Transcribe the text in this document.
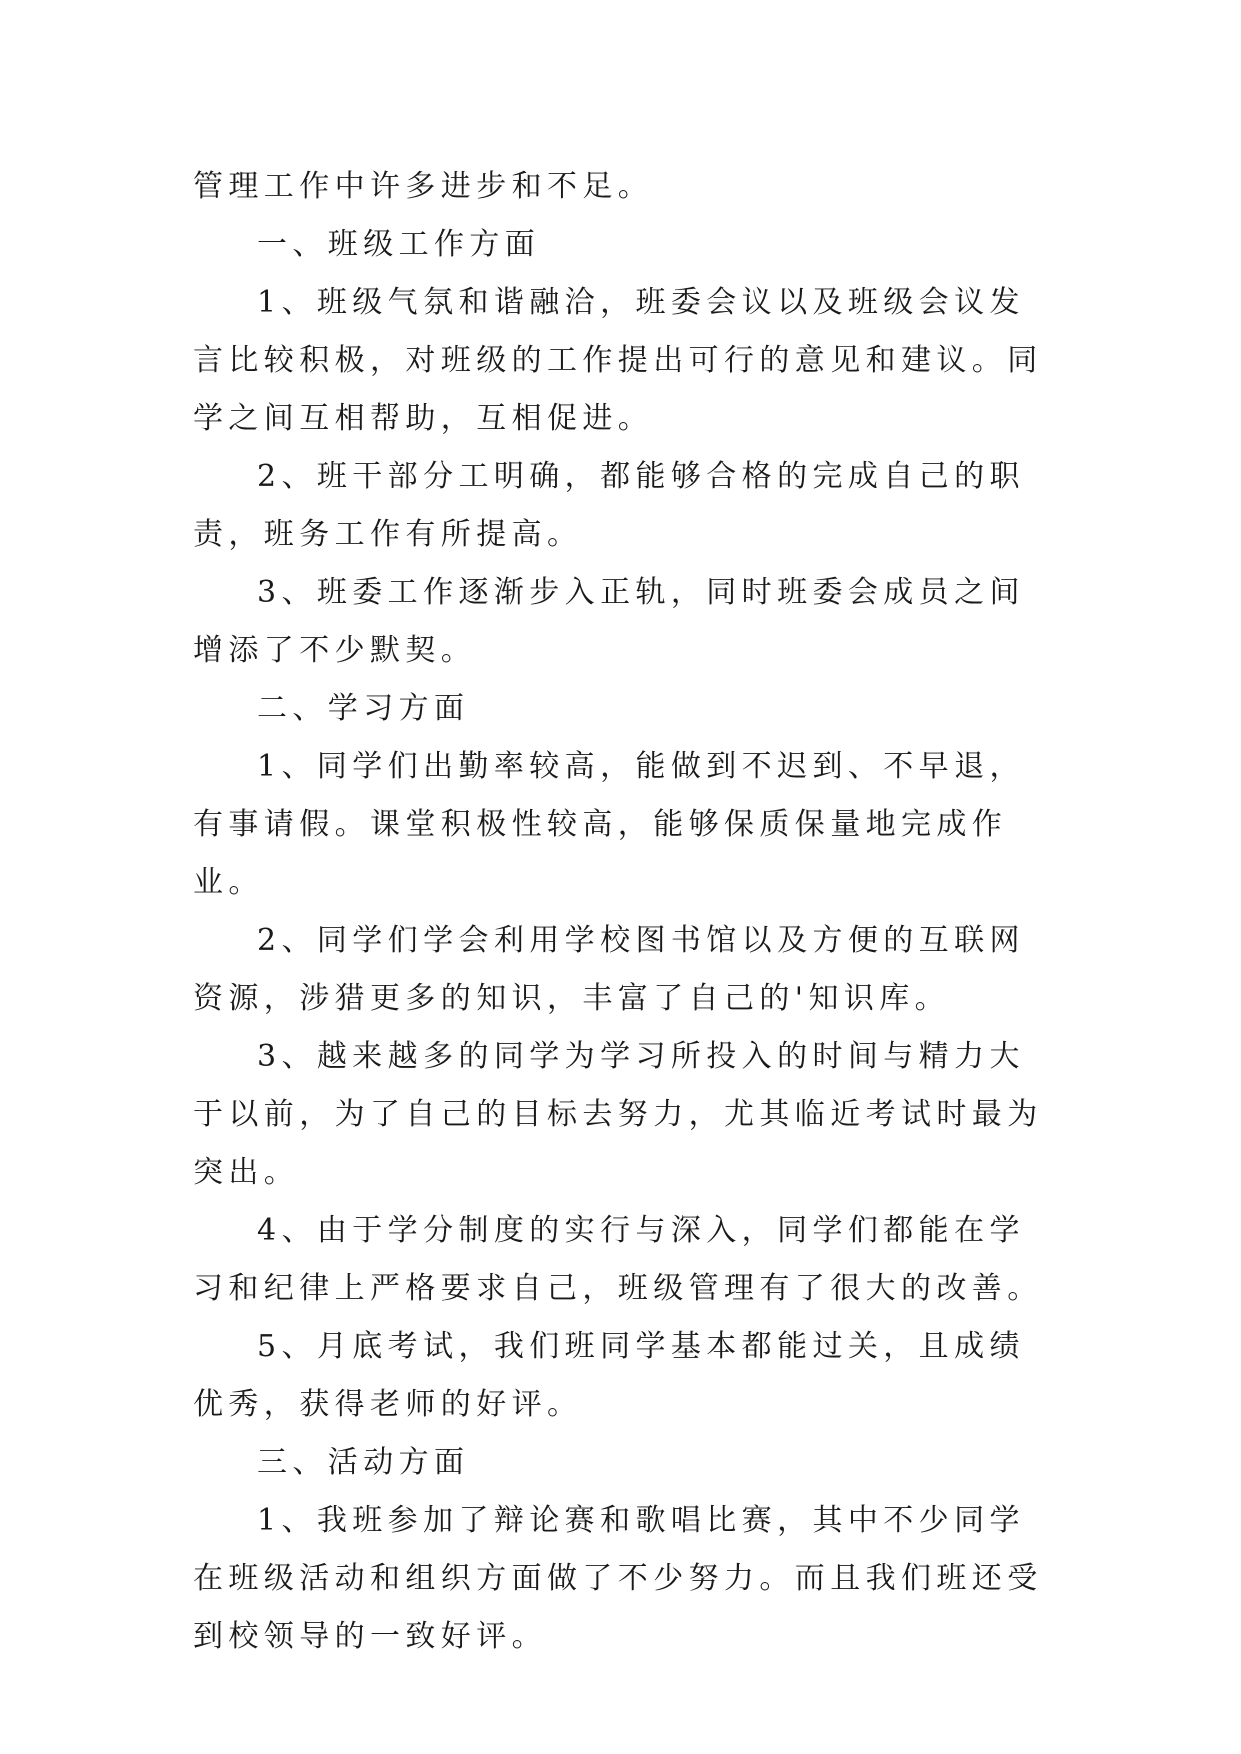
管理工作中许多进步和不足。

一、班级工作方面

1、班级气氛和谐融洽，班委会议以及班级会议发言比较积极，对班级的工作提出可行的意见和建议。同学之间互相帮助，互相促进。

2、班干部分工明确，都能够合格的完成自己的职责，班务工作有所提高。

3、班委工作逐渐步入正轨，同时班委会成员之间增添了不少默契。

二、学习方面

1、同学们出勤率较高，能做到不迟到、不早退，有事请假。课堂积极性较高，能够保质保量地完成作业。

2、同学们学会利用学校图书馆以及方便的互联网资源，涉猎更多的知识，丰富了自己的'知识库。

3、越来越多的同学为学习所投入的时间与精力大于以前，为了自己的目标去努力，尤其临近考试时最为突出。

4、由于学分制度的实行与深入，同学们都能在学习和纪律上严格要求自己，班级管理有了很大的改善。

5、月底考试，我们班同学基本都能过关，且成绩优秀，获得老师的好评。

三、活动方面

1、我班参加了辩论赛和歌唱比赛，其中不少同学在班级活动和组织方面做了不少努力。而且我们班还受到校领导的一致好评。
